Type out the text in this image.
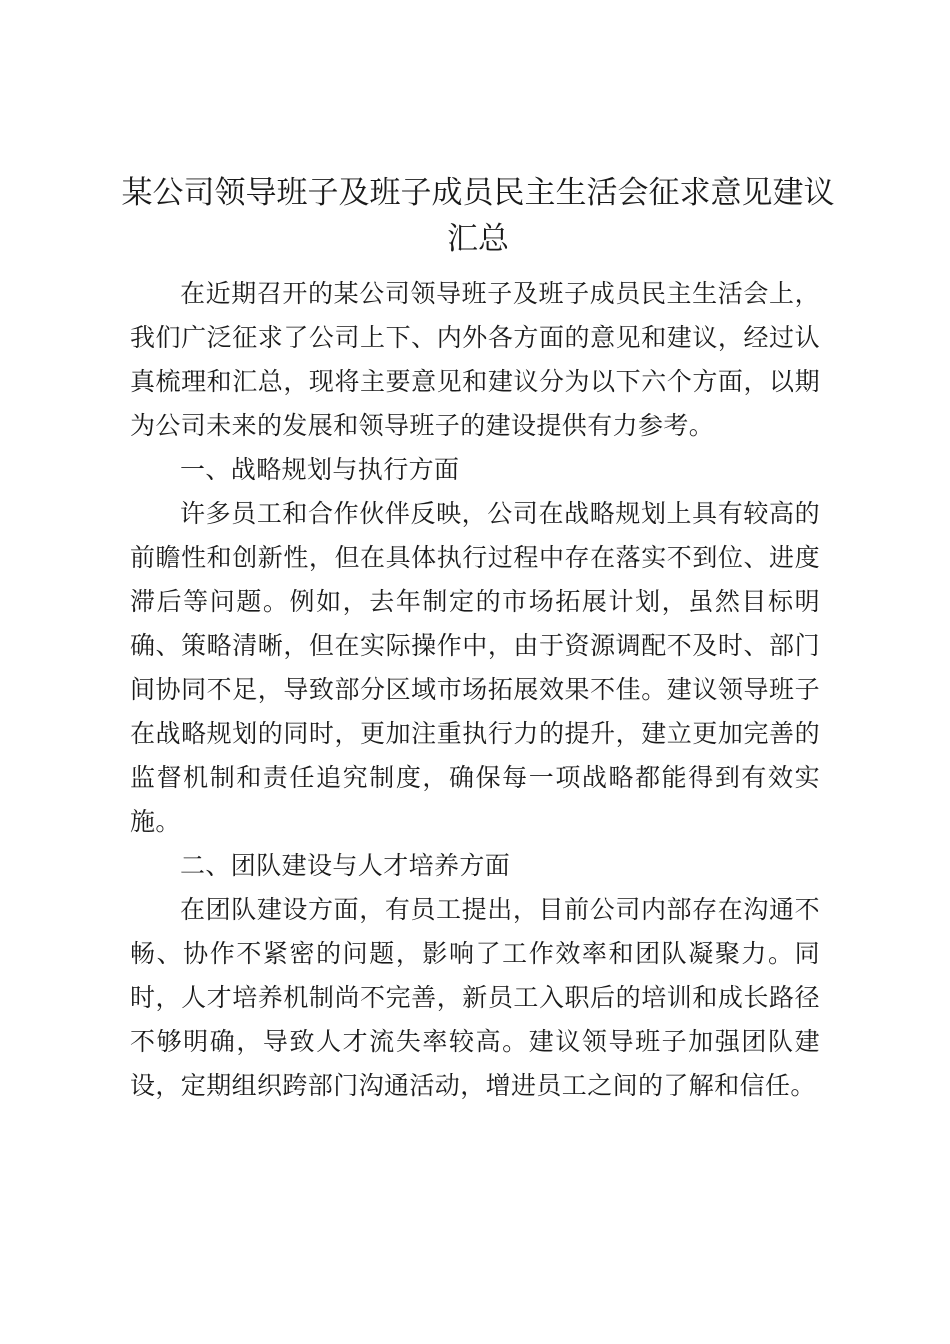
某公司领导班子及班子成员民主生活会征求意见建议汇总

在近期召开的某公司领导班子及班子成员民主生活会上，我们广泛征求了公司上下、内外各方面的意见和建议，经过认真梳理和汇总，现将主要意见和建议分为以下六个方面，以期为公司未来的发展和领导班子的建设提供有力参考。

一、战略规划与执行方面

许多员工和合作伙伴反映，公司在战略规划上具有较高的前瞻性和创新性，但在具体执行过程中存在落实不到位、进度滞后等问题。例如，去年制定的市场拓展计划，虽然目标明确、策略清晰，但在实际操作中，由于资源调配不及时、部门间协同不足，导致部分区域市场拓展效果不佳。建议领导班子在战略规划的同时，更加注重执行力的提升，建立更加完善的监督机制和责任追究制度，确保每一项战略都能得到有效实施。

二、团队建设与人才培养方面

在团队建设方面，有员工提出，目前公司内部存在沟通不畅、协作不紧密的问题，影响了工作效率和团队凝聚力。同时，人才培养机制尚不完善，新员工入职后的培训和成长路径不够明确，导致人才流失率较高。建议领导班子加强团队建设，定期组织跨部门沟通活动，增进员工之间的了解和信任。
